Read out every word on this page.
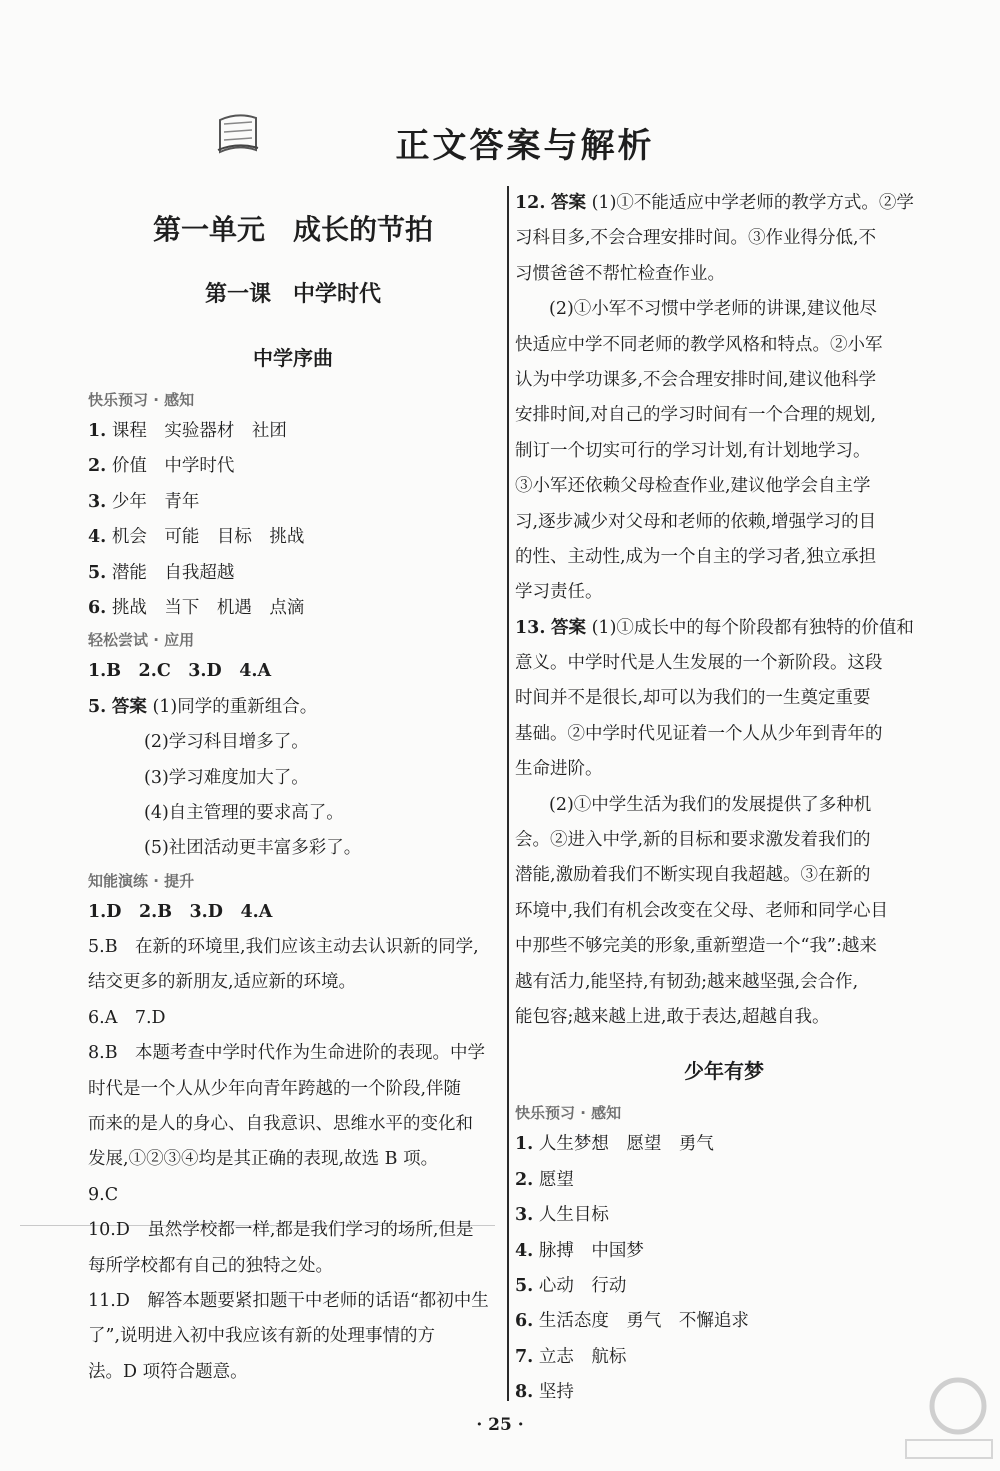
正文答案与解析
第一单元　成长的节拍
第一课　中学时代
中学序曲
快乐预习 · 感知
1. 课程　实验器材　社团
2. 价值　中学时代
3. 少年　青年
4. 机会　可能　目标　挑战
5. 潜能　自我超越
6. 挑战　当下　机遇　点滴
轻松尝试 · 应用
1.B　2.C　3.D　4.A
5. 答案 (1)同学的重新组合。
(2)学习科目增多了。
(3)学习难度加大了。
(4)自主管理的要求高了。
(5)社团活动更丰富多彩了。
知能演练 · 提升
1.D　2.B　3.D　4.A
5.B　在新的环境里,我们应该主动去认识新的同学,
结交更多的新朋友,适应新的环境。
6.A　7.D
8.B　本题考查中学时代作为生命进阶的表现。中学
时代是一个人从少年向青年跨越的一个阶段,伴随
而来的是人的身心、自我意识、思维水平的变化和
发展,①②③④均是其正确的表现,故选 B 项。
9.C
10.D　虽然学校都一样,都是我们学习的场所,但是
每所学校都有自己的独特之处。
11.D　解答本题要紧扣题干中老师的话语“都初中生
了”,说明进入初中我应该有新的处理事情的方
法。D 项符合题意。
12. 答案 (1)①不能适应中学老师的教学方式。②学
习科目多,不会合理安排时间。③作业得分低,不
习惯爸爸不帮忙检查作业。
(2)①小军不习惯中学老师的讲课,建议他尽
快适应中学不同老师的教学风格和特点。②小军
认为中学功课多,不会合理安排时间,建议他科学
安排时间,对自己的学习时间有一个合理的规划,
制订一个切实可行的学习计划,有计划地学习。
③小军还依赖父母检查作业,建议他学会自主学
习,逐步减少对父母和老师的依赖,增强学习的目
的性、主动性,成为一个自主的学习者,独立承担
学习责任。
13. 答案 (1)①成长中的每个阶段都有独特的价值和
意义。中学时代是人生发展的一个新阶段。这段
时间并不是很长,却可以为我们的一生奠定重要
基础。②中学时代见证着一个人从少年到青年的
生命进阶。
(2)①中学生活为我们的发展提供了多种机
会。②进入中学,新的目标和要求激发着我们的
潜能,激励着我们不断实现自我超越。③在新的
环境中,我们有机会改变在父母、老师和同学心目
中那些不够完美的形象,重新塑造一个“我”:越来
越有活力,能坚持,有韧劲;越来越坚强,会合作,
能包容;越来越上进,敢于表达,超越自我。
少年有梦
快乐预习 · 感知
1. 人生梦想　愿望　勇气
2. 愿望
3. 人生目标
4. 脉搏　中国梦
5. 心动　行动
6. 生活态度　勇气　不懈追求
7. 立志　航标
8. 坚持
· 25 ·
